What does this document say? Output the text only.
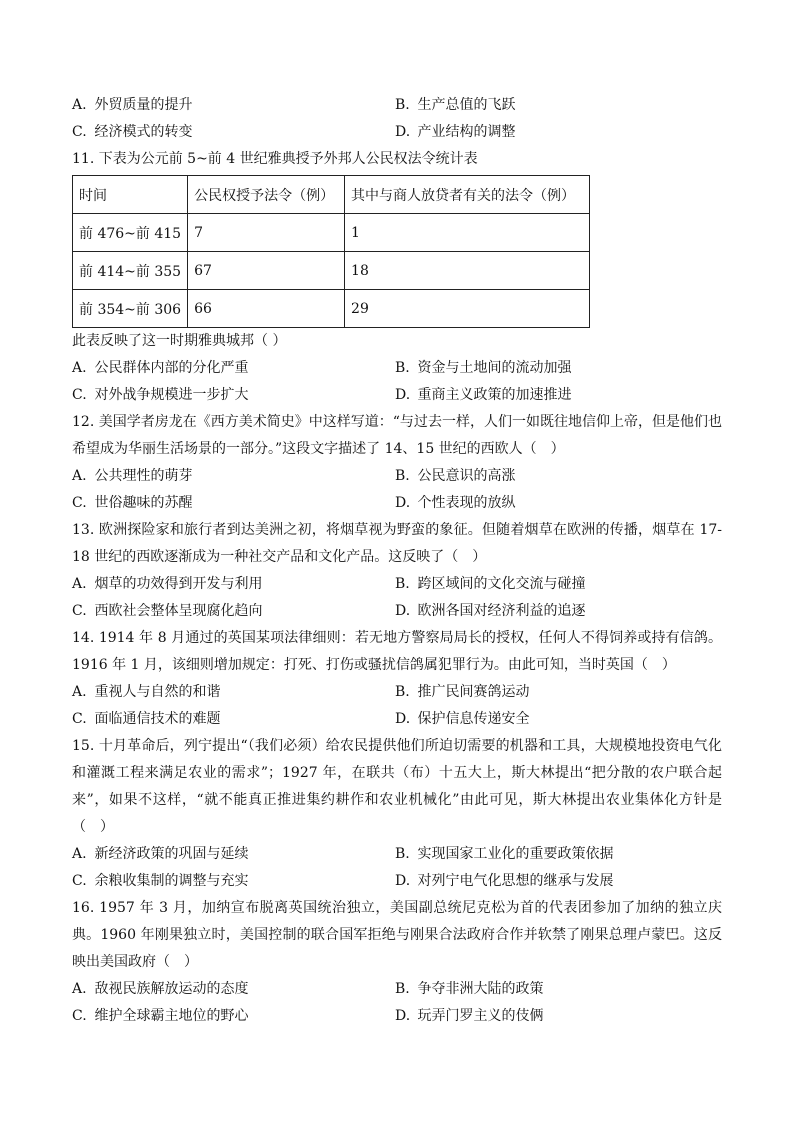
A. 外贸质量的提升	B. 生产总值的飞跃
C. 经济模式的转变	D. 产业结构的调整
11. 下表为公元前 5~前 4 世纪雅典授予外邦人公民权法令统计表
时间	公民权授予法令（例）	其中与商人放贷者有关的法令（例）
前 476~前 415	7	1
前 414~前 355	67	18
前 354~前 306	66	29
此表反映了这一时期雅典城邦（ ）
A. 公民群体内部的分化严重	B. 资金与土地间的流动加强
C. 对外战争规模进一步扩大	D. 重商主义政策的加速推进
12. 美国学者房龙在《西方美术简史》中这样写道：“与过去一样，人们一如既往地信仰上帝，但是他们也希望成为华丽生活场景的一部分。”这段文字描述了 14、15 世纪的西欧人（　）
A. 公共理性的萌芽	B. 公民意识的高涨
C. 世俗趣味的苏醒	D. 个性表现的放纵
13. 欧洲探险家和旅行者到达美洲之初，将烟草视为野蛮的象征。但随着烟草在欧洲的传播，烟草在 17-18 世纪的西欧逐渐成为一种社交产品和文化产品。这反映了（　）
A. 烟草的功效得到开发与利用	B. 跨区域间的文化交流与碰撞
C. 西欧社会整体呈现腐化趋向	D. 欧洲各国对经济利益的追逐
14. 1914 年 8 月通过的英国某项法律细则：若无地方警察局局长的授权，任何人不得饲养或持有信鸽。1916 年 1 月，该细则增加规定：打死、打伤或骚扰信鸽属犯罪行为。由此可知，当时英国（　）
A. 重视人与自然的和谐	B. 推广民间赛鸽运动
C. 面临通信技术的难题	D. 保护信息传递安全
15. 十月革命后，列宁提出“（我们必须）给农民提供他们所迫切需要的机器和工具，大规模地投资电气化和灌溉工程来满足农业的需求”；1927 年，在联共（布）十五大上，斯大林提出“把分散的农户联合起来”，如果不这样，“就不能真正推进集约耕作和农业机械化”由此可见，斯大林提出农业集体化方针是（　）
A. 新经济政策的巩固与延续	B. 实现国家工业化的重要政策依据
C. 余粮收集制的调整与充实	D. 对列宁电气化思想的继承与发展
16. 1957 年 3 月，加纳宣布脱离英国统治独立，美国副总统尼克松为首的代表团参加了加纳的独立庆典。1960 年刚果独立时，美国控制的联合国军拒绝与刚果合法政府合作并软禁了刚果总理卢蒙巴。这反映出美国政府（　）
A. 敌视民族解放运动的态度	B. 争夺非洲大陆的政策
C. 维护全球霸主地位的野心	D. 玩弄门罗主义的伎俩
